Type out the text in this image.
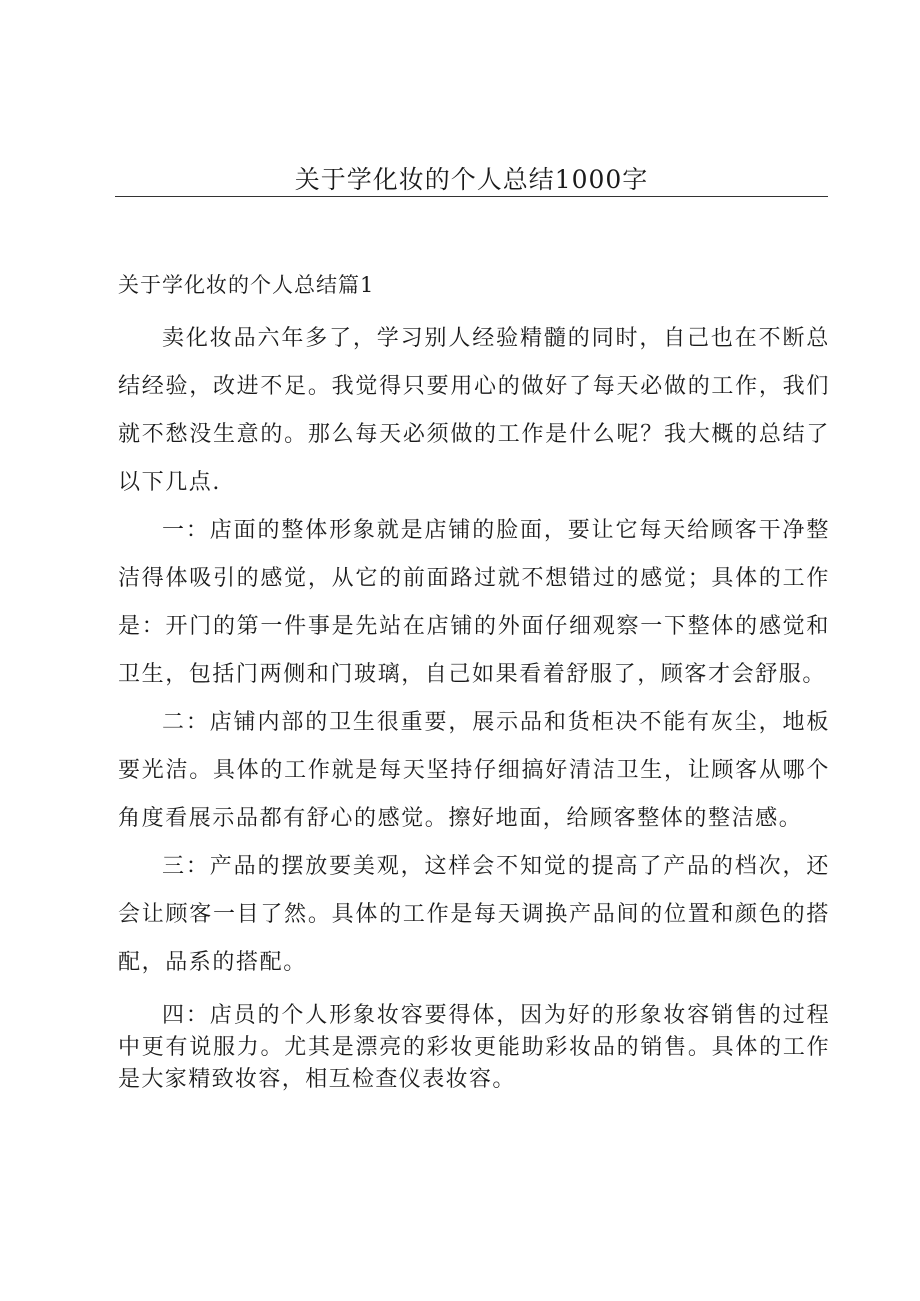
关于学化妆的个人总结1000字
关于学化妆的个人总结篇1

卖化妆品六年多了，学习别人经验精髓的同时，自己也在不断总结经验，改进不足。我觉得只要用心的做好了每天必做的工作，我们就不愁没生意的。那么每天必须做的工作是什么呢？我大概的总结了以下几点.

一：店面的整体形象就是店铺的脸面，要让它每天给顾客干净整洁得体吸引的感觉，从它的前面路过就不想错过的感觉；具体的工作是：开门的第一件事是先站在店铺的外面仔细观察一下整体的感觉和卫生，包括门两侧和门玻璃，自己如果看着舒服了，顾客才会舒服。

二：店铺内部的卫生很重要，展示品和货柜决不能有灰尘，地板要光洁。具体的工作就是每天坚持仔细搞好清洁卫生，让顾客从哪个角度看展示品都有舒心的感觉。擦好地面，给顾客整体的整洁感。

三：产品的摆放要美观，这样会不知觉的提高了产品的档次，还会让顾客一目了然。具体的工作是每天调换产品间的位置和颜色的搭配，品系的搭配。

四：店员的个人形象妆容要得体，因为好的形象妆容销售的过程中更有说服力。尤其是漂亮的彩妆更能助彩妆品的销售。具体的工作是大家精致妆容，相互检查仪表妆容。
